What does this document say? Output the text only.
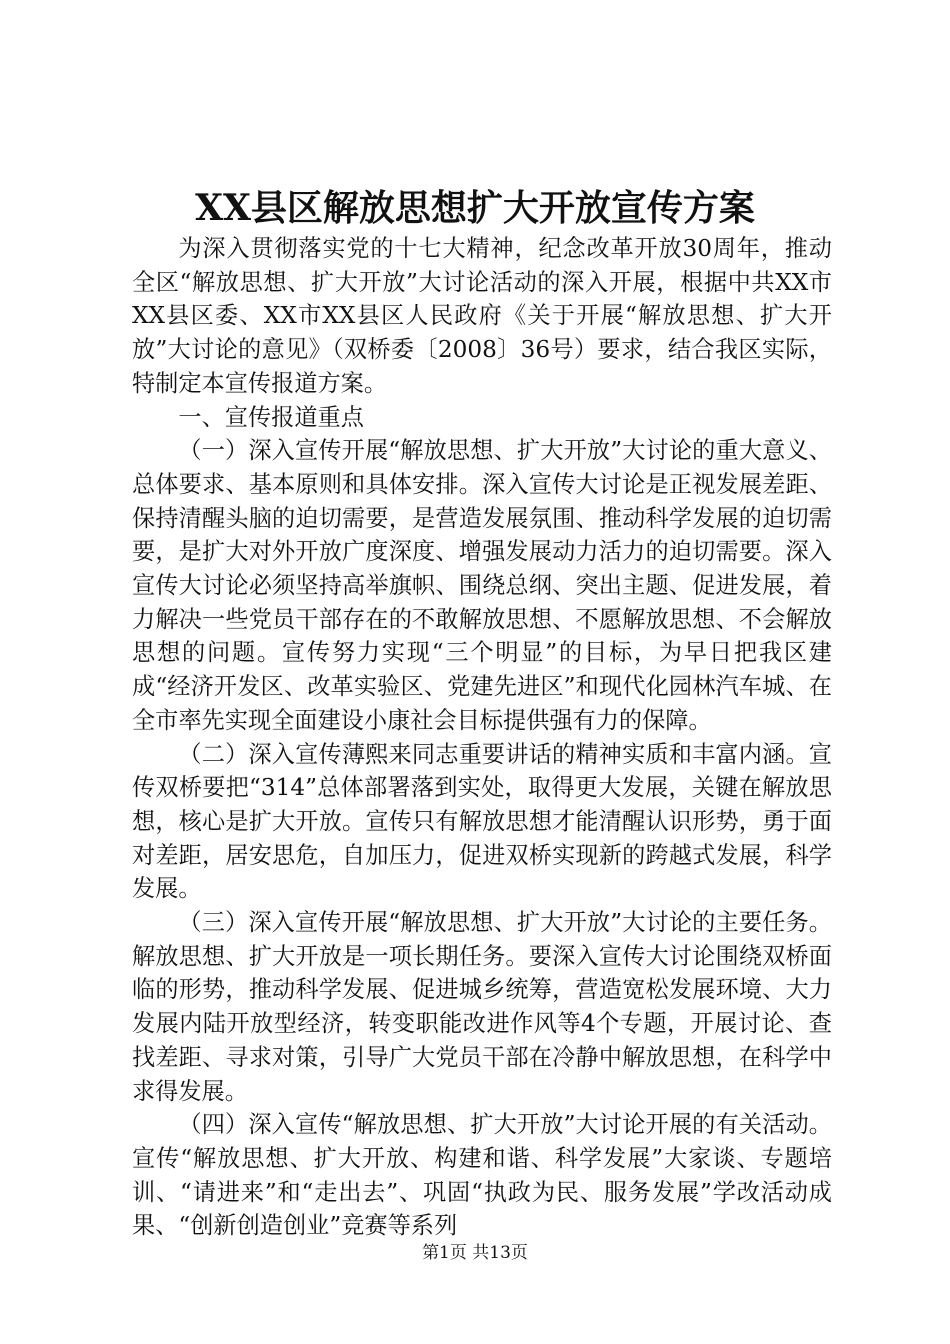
XX县区解放思想扩大开放宣传方案

为深入贯彻落实党的十七大精神，纪念改革开放30周年，推动全区“解放思想、扩大开放”大讨论活动的深入开展，根据中共XX市XX县区委、XX市XX县区人民政府《关于开展“解放思想、扩大开放”大讨论的意见》（双桥委〔2008〕36号）要求，结合我区实际，特制定本宣传报道方案。

一、宣传报道重点

（一）深入宣传开展“解放思想、扩大开放”大讨论的重大意义、总体要求、基本原则和具体安排。深入宣传大讨论是正视发展差距、保持清醒头脑的迫切需要，是营造发展氛围、推动科学发展的迫切需要，是扩大对外开放广度深度、增强发展动力活力的迫切需要。深入宣传大讨论必须坚持高举旗帜、围绕总纲、突出主题、促进发展，着力解决一些党员干部存在的不敢解放思想、不愿解放思想、不会解放思想的问题。宣传努力实现“三个明显”的目标，为早日把我区建成“经济开发区、改革实验区、党建先进区”和现代化园林汽车城、在全市率先实现全面建设小康社会目标提供强有力的保障。

（二）深入宣传薄熙来同志重要讲话的精神实质和丰富内涵。宣传双桥要把“314”总体部署落到实处，取得更大发展，关键在解放思想，核心是扩大开放。宣传只有解放思想才能清醒认识形势，勇于面对差距，居安思危，自加压力，促进双桥实现新的跨越式发展，科学发展。

（三）深入宣传开展“解放思想、扩大开放”大讨论的主要任务。解放思想、扩大开放是一项长期任务。要深入宣传大讨论围绕双桥面临的形势，推动科学发展、促进城乡统筹，营造宽松发展环境、大力发展内陆开放型经济，转变职能改进作风等4个专题，开展讨论、查找差距、寻求对策，引导广大党员干部在冷静中解放思想，在科学中求得发展。

（四）深入宣传“解放思想、扩大开放”大讨论开展的有关活动。宣传“解放思想、扩大开放、构建和谐、科学发展”大家谈、专题培训、“请进来”和“走出去”、巩固“执政为民、服务发展”学改活动成果、“创新创造创业”竞赛等系列

第1页 共13页
